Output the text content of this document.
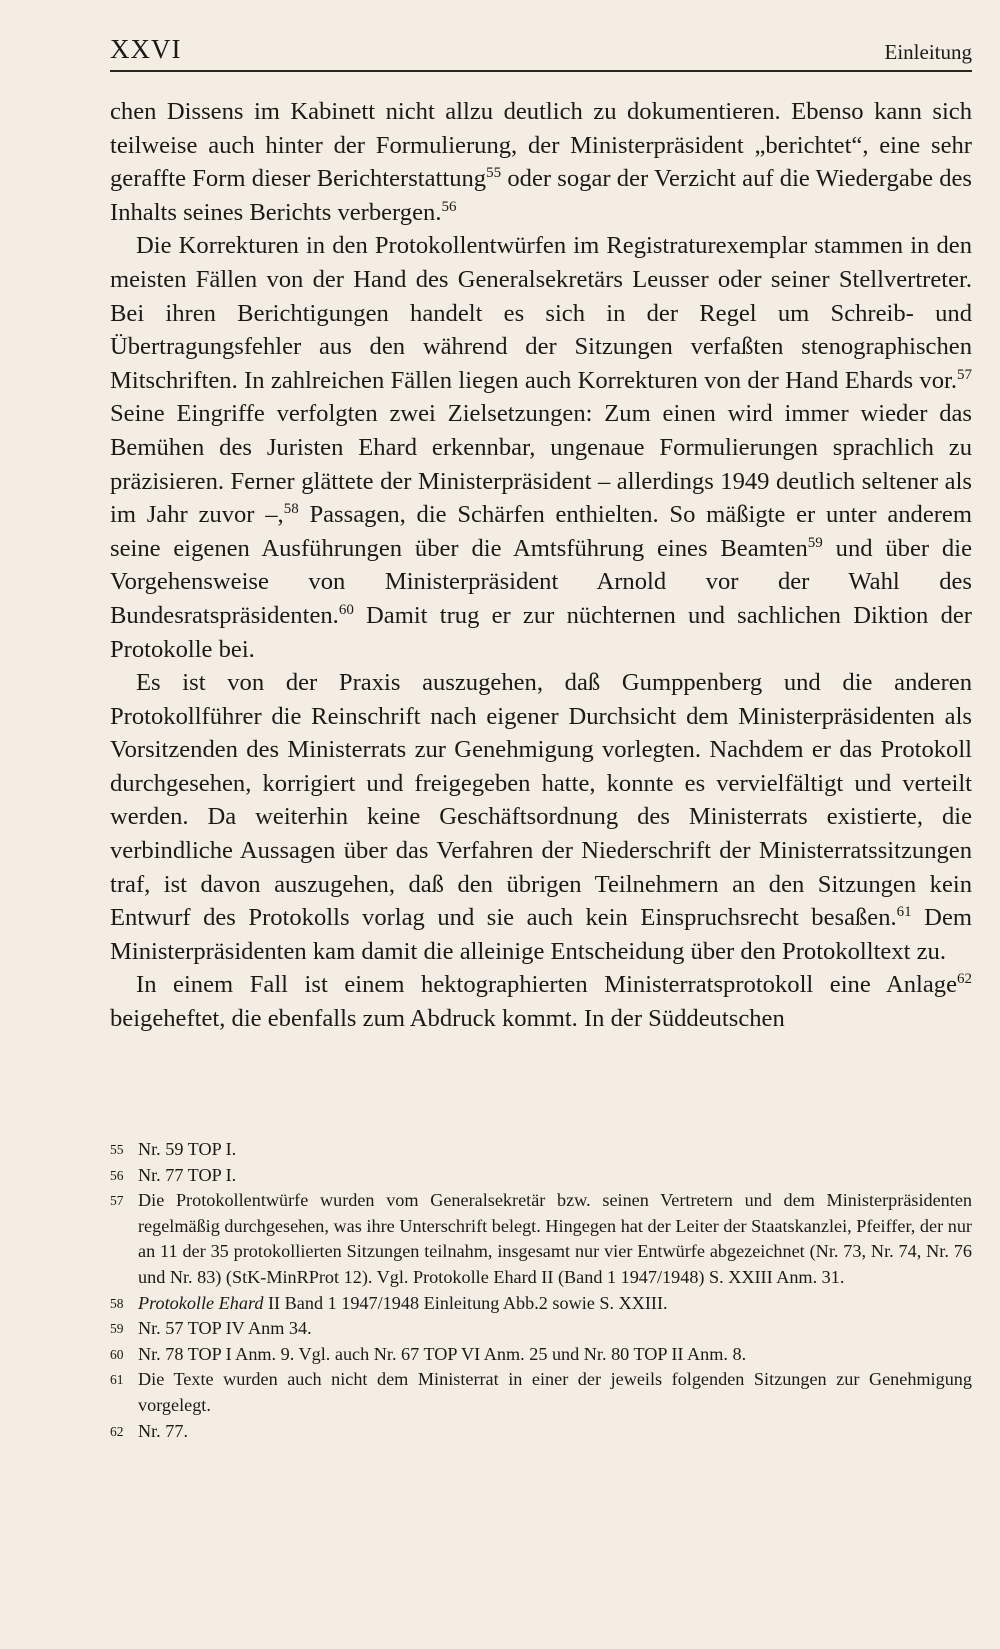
XXVI	Einleitung

chen Dissens im Kabinett nicht allzu deutlich zu dokumentieren. Ebenso kann sich teilweise auch hinter der Formulierung, der Ministerpräsident „berichtet“, eine sehr geraffte Form dieser Berichterstattung$^{55}$ oder sogar der Verzicht auf die Wiedergabe des Inhalts seines Berichts verbergen.$^{56}$

Die Korrekturen in den Protokollentwürfen im Registraturexemplar stammen in den meisten Fällen von der Hand des Generalsekretärs Leusser oder seiner Stellvertreter. Bei ihren Berichtigungen handelt es sich in der Regel um Schreib- und Übertragungsfehler aus den während der Sitzungen verfaßten stenographischen Mitschriften. In zahlreichen Fällen liegen auch Korrekturen von der Hand Ehards vor.$^{57}$ Seine Eingriffe verfolgten zwei Zielsetzungen: Zum einen wird immer wieder das Bemühen des Juristen Ehard erkennbar, ungenaue Formulierungen sprachlich zu präzisieren. Ferner glättete der Ministerpräsident – allerdings 1949 deutlich seltener als im Jahr zuvor –,$^{58}$ Passagen, die Schärfen enthielten. So mäßigte er unter anderem seine eigenen Ausführungen über die Amtsführung eines Beamten$^{59}$ und über die Vorgehensweise von Ministerpräsident Arnold vor der Wahl des Bundesratspräsidenten.$^{60}$ Damit trug er zur nüchternen und sachlichen Diktion der Protokolle bei.

Es ist von der Praxis auszugehen, daß Gumppenberg und die anderen Protokollführer die Reinschrift nach eigener Durchsicht dem Ministerpräsidenten als Vorsitzenden des Ministerrats zur Genehmigung vorlegten. Nachdem er das Protokoll durchgesehen, korrigiert und freigegeben hatte, konnte es vervielfältigt und verteilt werden. Da weiterhin keine Geschäftsordnung des Ministerrats existierte, die verbindliche Aussagen über das Verfahren der Niederschrift der Ministerratssitzungen traf, ist davon auszugehen, daß den übrigen Teilnehmern an den Sitzungen kein Entwurf des Protokolls vorlag und sie auch kein Einspruchsrecht besaßen.$^{61}$ Dem Ministerpräsidenten kam damit die alleinige Entscheidung über den Protokolltext zu.

In einem Fall ist einem hektographierten Ministerratsprotokoll eine Anlage$^{62}$ beigeheftet, die ebenfalls zum Abdruck kommt. In der Süddeutschen

55 Nr. 59 TOP I.
56 Nr. 77 TOP I.
57 Die Protokollentwürfe wurden vom Generalsekretär bzw. seinen Vertretern und dem Ministerpräsidenten regelmäßig durchgesehen, was ihre Unterschrift belegt. Hingegen hat der Leiter der Staatskanzlei, Pfeiffer, der nur an 11 der 35 protokollierten Sitzungen teilnahm, insgesamt nur vier Entwürfe abgezeichnet (Nr. 73, Nr. 74, Nr. 76 und Nr. 83) (StK-MinRProt 12). Vgl. Protokolle Ehard II (Band 1 1947/1948) S. XXIII Anm. 31.
58 Protokolle Ehard II Band 1 1947/1948 Einleitung Abb.2 sowie S. XXIII.
59 Nr. 57 TOP IV Anm 34.
60 Nr. 78 TOP I Anm. 9. Vgl. auch Nr. 67 TOP VI Anm. 25 und Nr. 80 TOP II Anm. 8.
61 Die Texte wurden auch nicht dem Ministerrat in einer der jeweils folgenden Sitzungen zur Genehmigung vorgelegt.
62 Nr. 77.
